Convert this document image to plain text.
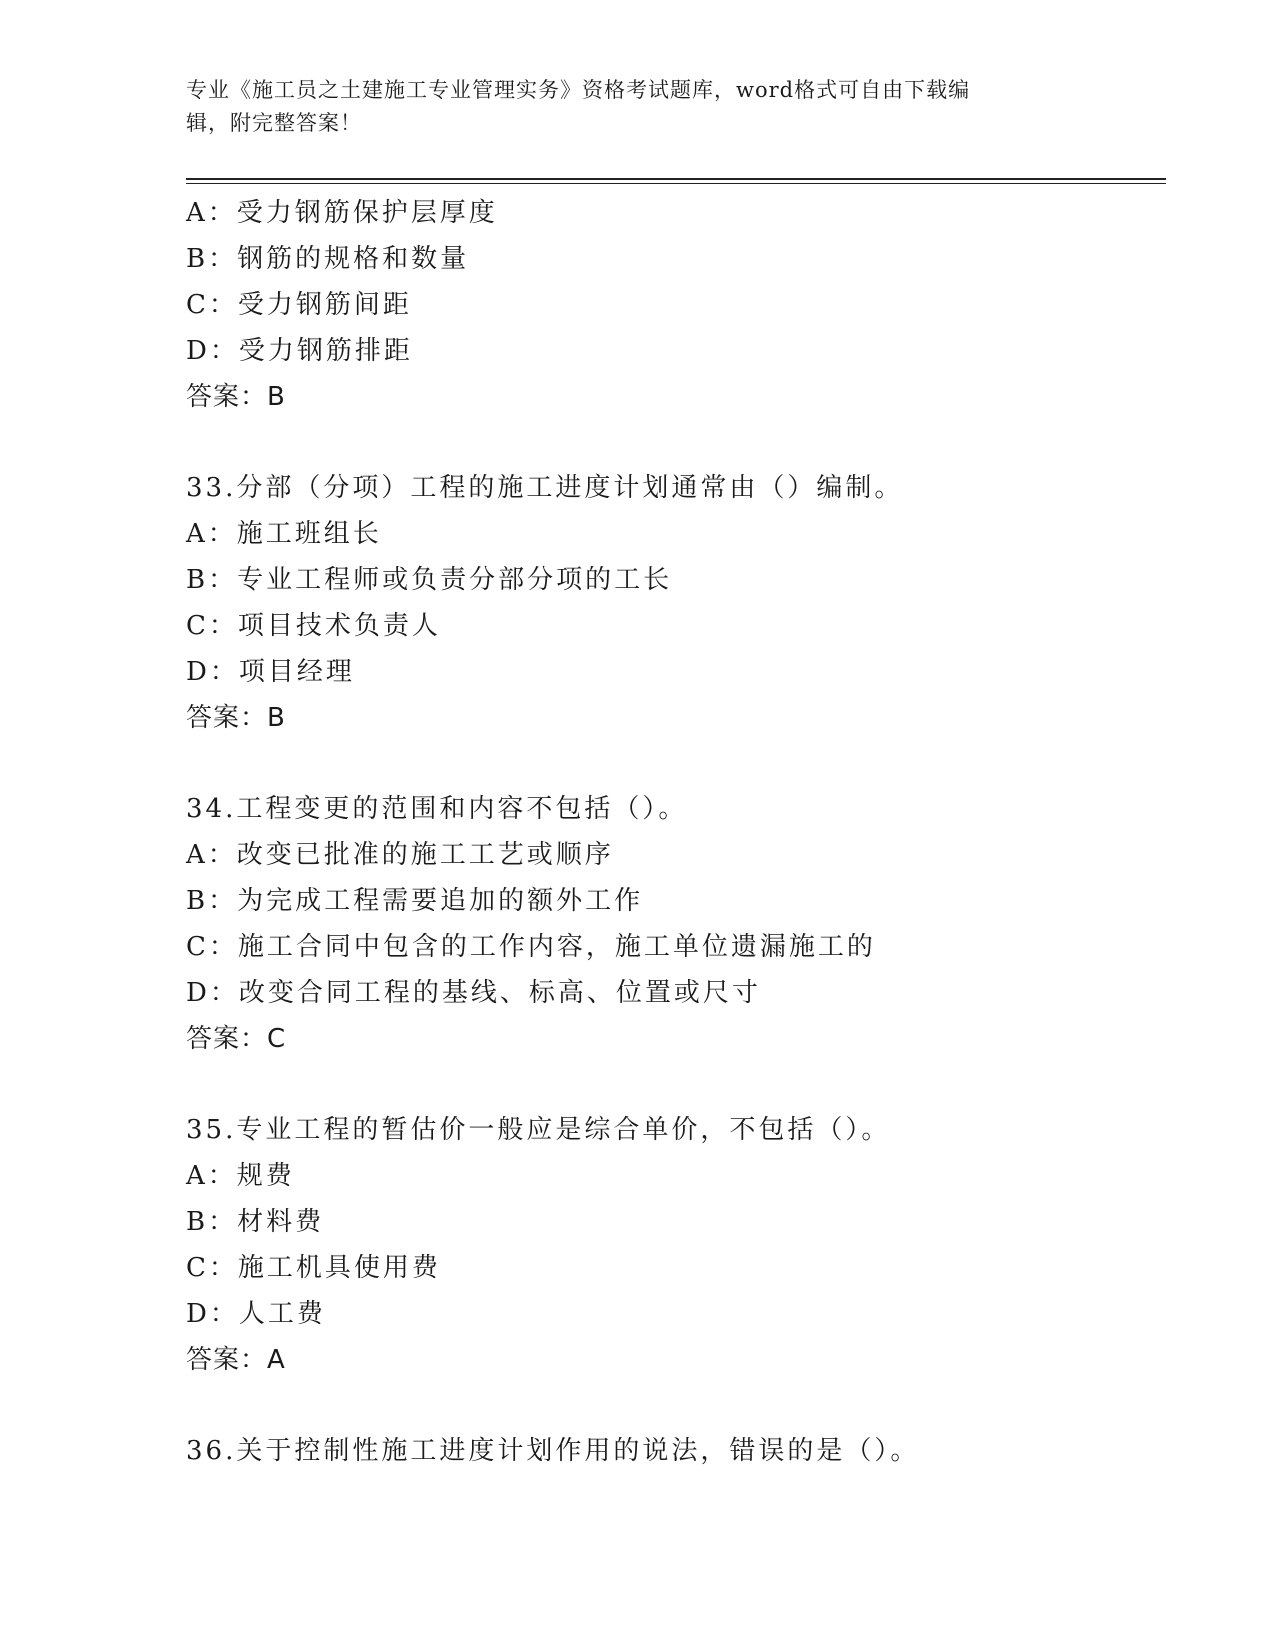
专业《施工员之土建施工专业管理实务》资格考试题库，word格式可自由下载编
辑，附完整答案！
A：受力钢筋保护层厚度
B：钢筋的规格和数量
C：受力钢筋间距
D：受力钢筋排距
答案：B
33.分部（分项）工程的施工进度计划通常由（）编制。
A：施工班组长
B：专业工程师或负责分部分项的工长
C：项目技术负责人
D：项目经理
答案：B
34.工程变更的范围和内容不包括（）。
A：改变已批准的施工工艺或顺序
B：为完成工程需要追加的额外工作
C：施工合同中包含的工作内容，施工单位遗漏施工的
D：改变合同工程的基线、标高、位置或尺寸
答案：C
35.专业工程的暂估价一般应是综合单价，不包括（）。
A：规费
B：材料费
C：施工机具使用费
D：人工费
答案：A
36.关于控制性施工进度计划作用的说法，错误的是（）。
